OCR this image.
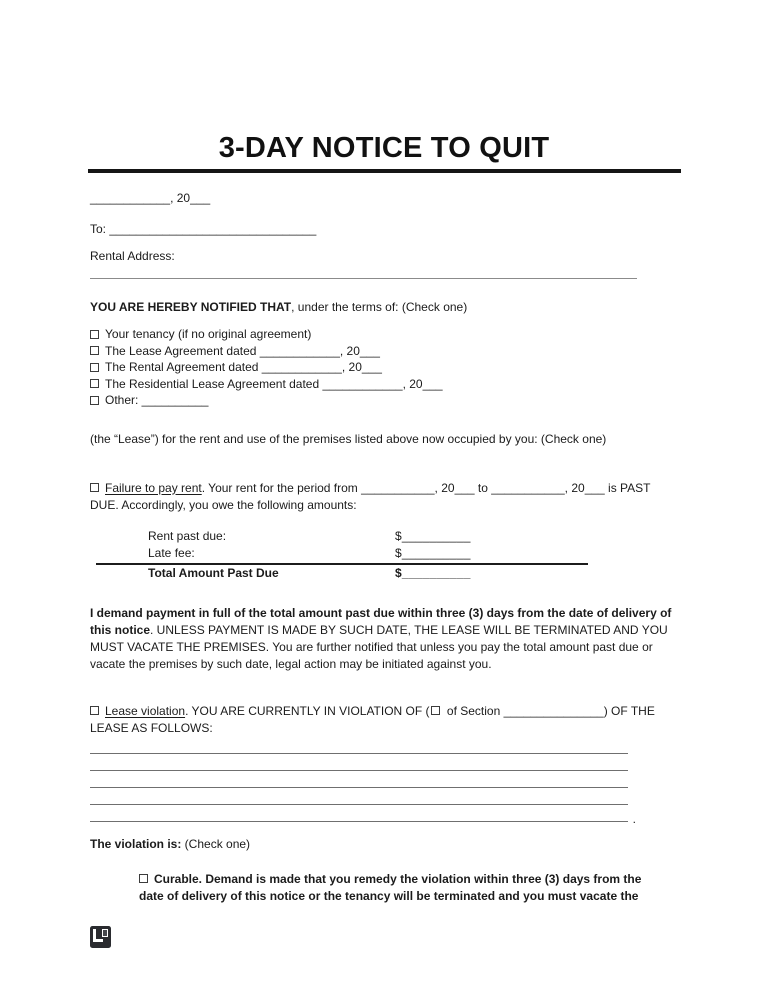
3-DAY NOTICE TO QUIT

____________, 20___

To: _______________________________

Rental Address:

YOU ARE HEREBY NOTIFIED THAT, under the terms of: (Check one)

Your tenancy (if no original agreement)
The Lease Agreement dated ____________, 20___
The Rental Agreement dated ____________, 20___
The Residential Lease Agreement dated ____________, 20___
Other: __________

(the “Lease”) for the rent and use of the premises listed above now occupied by you: (Check one)

Failure to pay rent. Your rent for the period from ___________, 20___ to ___________, 20___ is PAST DUE. Accordingly, you owe the following amounts:

Rent past due:	$__________
Late fee:	$__________
Total Amount Past Due	$__________

I demand payment in full of the total amount past due within three (3) days from the date of delivery of this notice. UNLESS PAYMENT IS MADE BY SUCH DATE, THE LEASE WILL BE TERMINATED AND YOU MUST VACATE THE PREMISES. You are further notified that unless you pay the total amount past due or vacate the premises by such date, legal action may be initiated against you.

Lease violation. YOU ARE CURRENTLY IN VIOLATION OF ( of Section _______________) OF THE LEASE AS FOLLOWS:

.

The violation is: (Check one)

Curable. Demand is made that you remedy the violation within three (3) days from the date of delivery of this notice or the tenancy will be terminated and you must vacate the
